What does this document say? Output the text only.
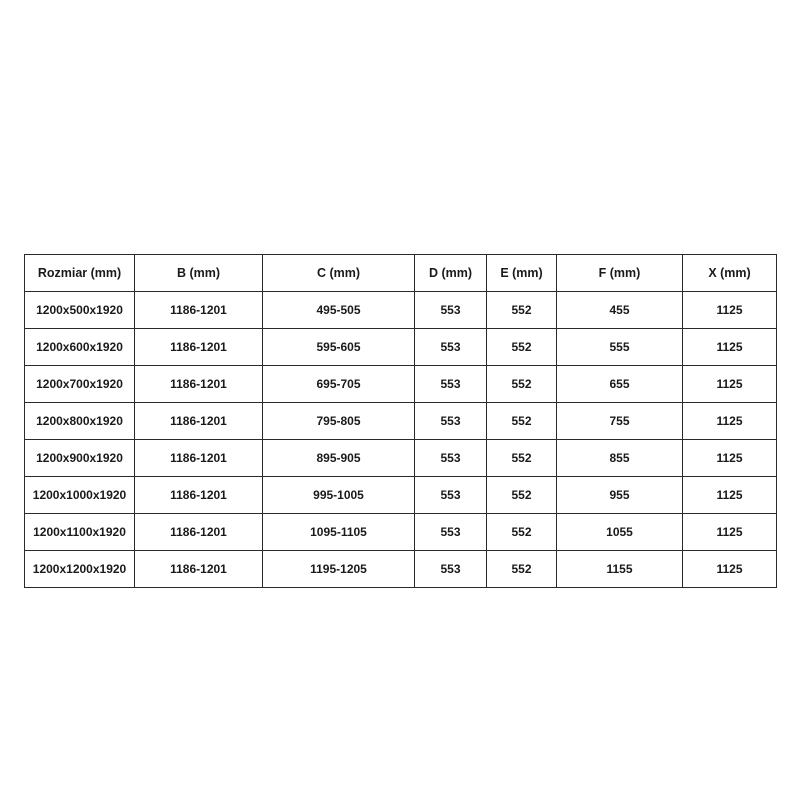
Rozmiar (mm)	B (mm)	C (mm)	D (mm)	E (mm)	F (mm)	X (mm)
1200x500x1920	1186-1201	495-505	553	552	455	1125
1200x600x1920	1186-1201	595-605	553	552	555	1125
1200x700x1920	1186-1201	695-705	553	552	655	1125
1200x800x1920	1186-1201	795-805	553	552	755	1125
1200x900x1920	1186-1201	895-905	553	552	855	1125
1200x1000x1920	1186-1201	995-1005	553	552	955	1125
1200x1100x1920	1186-1201	1095-1105	553	552	1055	1125
1200x1200x1920	1186-1201	1195-1205	553	552	1155	1125
